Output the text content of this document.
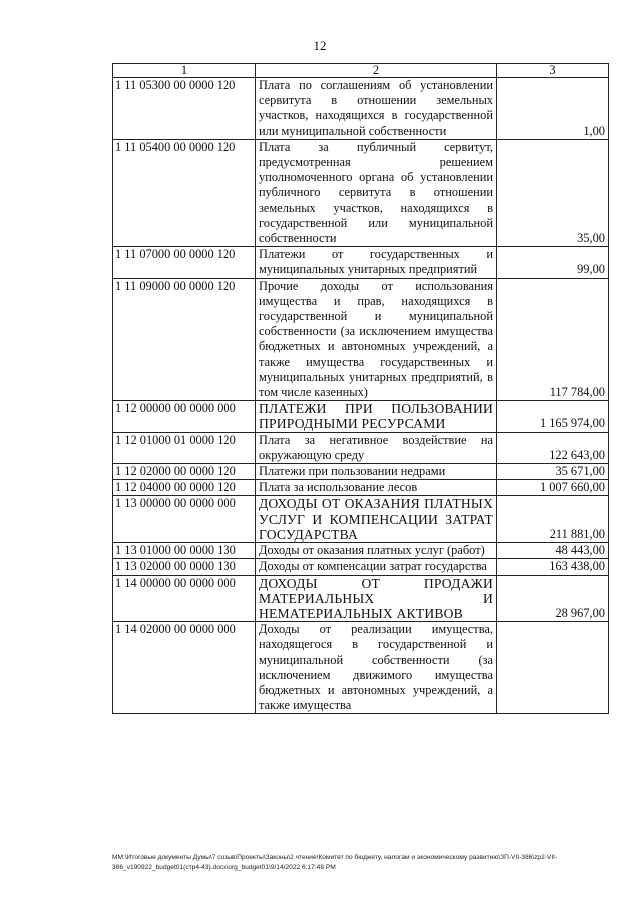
12
1	2	3
1 11 05300 00 0000 120	Плата по соглашениям об установлении сервитута в отношении земельных участков, находящихся в государственной или муниципальной собственности	1,00
1 11 05400 00 0000 120	Плата за публичный сервитут, предусмотренная решением уполномоченного органа об установлении публичного сервитута в отношении земельных участков, находящихся в государственной или муниципальной собственности	35,00
1 11 07000 00 0000 120	Платежи от государственных и муниципальных унитарных предприятий	99,00
1 11 09000 00 0000 120	Прочие доходы от использования имущества и прав, находящихся в государственной и муниципальной собственности (за исключением имущества бюджетных и автономных учреждений, а также имущества государственных и муниципальных унитарных предприятий, в том числе казенных)	117 784,00
1 12 00000 00 0000 000	ПЛАТЕЖИ ПРИ ПОЛЬЗОВАНИИ ПРИРОДНЫМИ РЕСУРСАМИ	1 165 974,00
1 12 01000 01 0000 120	Плата за негативное воздействие на окружающую среду	122 643,00
1 12 02000 00 0000 120	Платежи при пользовании недрами	35 671,00
1 12 04000 00 0000 120	Плата за использование лесов	1 007 660,00
1 13 00000 00 0000 000	ДОХОДЫ ОТ ОКАЗАНИЯ ПЛАТНЫХ УСЛУГ И КОМПЕНСАЦИИ ЗАТРАТ ГОСУДАРСТВА	211 881,00
1 13 01000 00 0000 130	Доходы от оказания платных услуг (работ)	48 443,00
1 13 02000 00 0000 130	Доходы от компенсации затрат государства	163 438,00
1 14 00000 00 0000 000	ДОХОДЫ ОТ ПРОДАЖИ МАТЕРИАЛЬНЫХ И НЕМАТЕРИАЛЬНЫХ АКТИВОВ	28 967,00
1 14 02000 00 0000 000	Доходы от реализации имущества, находящегося в государственной и муниципальной собственности (за исключением движимого имущества бюджетных и автономных учреждений, а также имущества	
ММ:\Итоговые документы Думы\7 созыв\Проекты\Законы\2 чтение\Комитет по бюджету, налогам и экономическому развитию\ЗП-VII-386\zp2-VII-
386_v190922_budget01(стр4-43).docx\org_budget01\9/14/2022 6:17:48 PM
